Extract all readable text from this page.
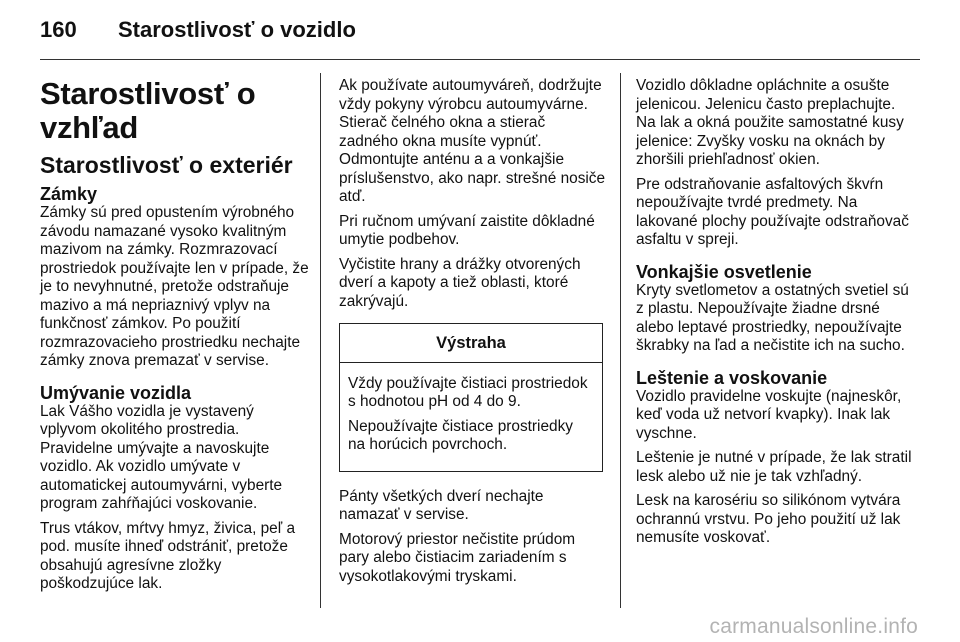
160 Starostlivosť o vozidlo
Starostlivosť o vzhľad
Starostlivosť o exteriér
Zámky

Zámky sú pred opustením výrobného závodu namazané vysoko kvalitným mazivom na zámky. Rozmrazovací prostriedok používajte len v prípade, že je to nevyhnutné, pretože odstraňuje mazivo a má nepriaznivý vplyv na funkčnosť zámkov. Po použití rozmrazovacieho prostriedku nechajte zámky znova premazať v servise.

Umývanie vozidla

Lak Vášho vozidla je vystavený vplyvom okolitého prostredia. Pravidelne umývajte a navoskujte vozidlo. Ak vozidlo umývate v automatickej autoumyvárni, vyberte program zahŕňajúci voskovanie.

Trus vtákov, mŕtvy hmyz, živica, peľ a pod. musíte ihneď odstrániť, pretože obsahujú agresívne zložky poškodzujúce lak.

Ak používate autoumyváreň, dodržujte vždy pokyny výrobcu autoumyvárne. Stierač čelného okna a stierač zadného okna musíte vypnúť. Odmontujte anténu a a vonkajšie príslušenstvo, ako napr. strešné nosiče atď.

Pri ručnom umývaní zaistite dôkladné umytie podbehov.

Vyčistite hrany a drážky otvorených dverí a kapoty a tiež oblasti, ktoré zakrývajú.

Výstraha

Vždy používajte čistiaci prostriedok s hodnotou pH od 4 do 9.

Nepoužívajte čistiace prostriedky na horúcich povrchoch.

Pánty všetkých dverí nechajte namazať v servise.

Motorový priestor nečistite prúdom pary alebo čistiacim zariadením s vysokotlakovými tryskami.

Vozidlo dôkladne opláchnite a osušte jelenicou. Jelenicu často preplachujte. Na lak a okná použite samostatné kusy jelenice: Zvyšky vosku na oknách by zhoršili priehľadnosť okien.

Pre odstraňovanie asfaltových škvŕn nepoužívajte tvrdé predmety. Na lakované plochy používajte odstraňovač asfaltu v spreji.

Vonkajšie osvetlenie

Kryty svetlometov a ostatných svetiel sú z plastu. Nepoužívajte žiadne drsné alebo leptavé prostriedky, nepoužívajte škrabky na ľad a nečistite ich na sucho.

Leštenie a voskovanie

Vozidlo pravidelne voskujte (najneskôr, keď voda už netvorí kvapky). Inak lak vyschne.

Leštenie je nutné v prípade, že lak stratil lesk alebo už nie je tak vzhľadný.

Lesk na karosériu so silikónom vytvára ochrannú vrstvu. Po jeho použití už lak nemusíte voskovať.

carmanualsonline.info
